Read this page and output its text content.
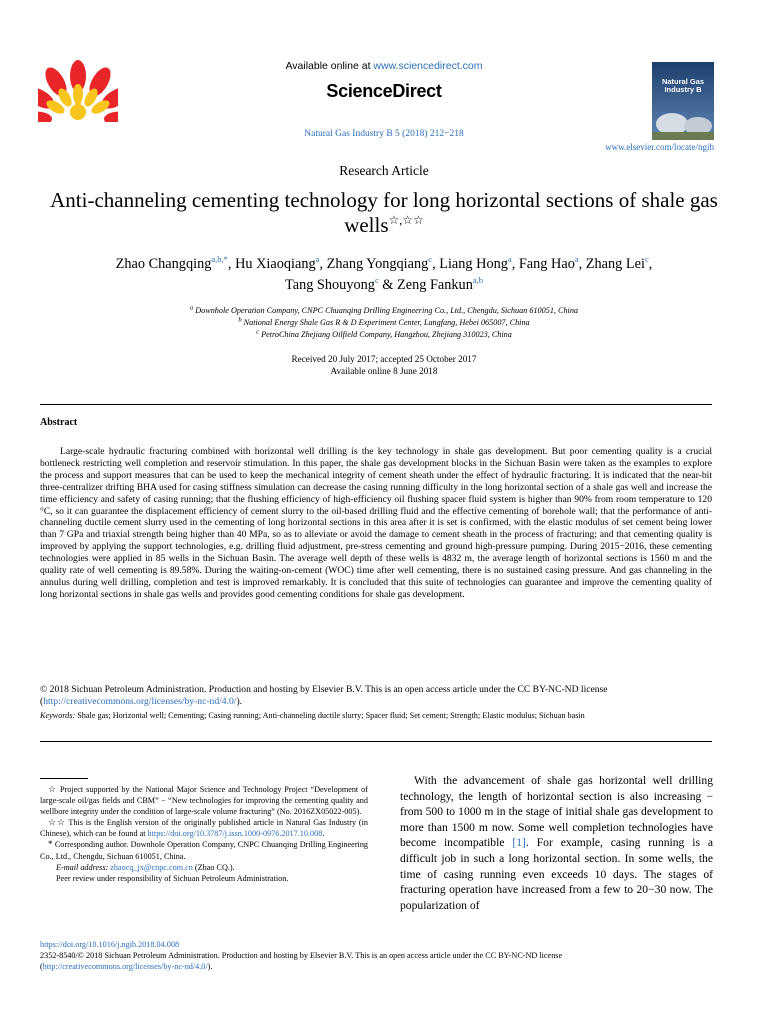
Available online at www.sciencedirect.com
ScienceDirect
Natural Gas Industry B 5 (2018) 212−218
Natural Gas Industry B
www.elsevier.com/locate/ngib
Research Article
Anti-channeling cementing technology for long horizontal sections of shale gas wells☆,☆☆
Zhao Changqing$^{a,b,*}$, Hu Xiaoqiang$^a$, Zhang Yongqiang$^c$, Liang Hong$^a$, Fang Hao$^a$, Zhang Lei$^c$,
Tang Shouyong$^c$ & Zeng Fankun$^{a,b}$
$^a$ Downhole Operation Company, CNPC Chuanqing Drilling Engineering Co., Ltd., Chengdu, Sichuan 610051, China
$^b$ National Energy Shale Gas R & D Experiment Center, Langfang, Hebei 065007, China
$^c$ PetroChina Zhejiang Oilfield Company, Hangzhou, Zhejiang 310023, China
Received 20 July 2017; accepted 25 October 2017
Available online 8 June 2018
Abstract
Large-scale hydraulic fracturing combined with horizontal well drilling is the key technology in shale gas development. But poor cementing quality is a crucial bottleneck restricting well completion and reservoir stimulation. In this paper, the shale gas development blocks in the Sichuan Basin were taken as the examples to explore the process and support measures that can be used to keep the mechanical integrity of cement sheath under the effect of hydraulic fracturing. It is indicated that the near-bit three-centralizer drifting BHA used for casing stiffness simulation can decrease the casing running difficulty in the long horizontal section of a shale gas well and increase the time efficiency and safety of casing running; that the flushing efficiency of high-efficiency oil flushing spacer fluid system is higher than 90% from room temperature to 120 °C, so it can guarantee the displacement efficiency of cement slurry to the oil-based drilling fluid and the effective cementing of borehole wall; that the performance of anti-channeling ductile cement slurry used in the cementing of long horizontal sections in this area after it is set is confirmed, with the elastic modulus of set cement being lower than 7 GPa and triaxial strength being higher than 40 MPa, so as to alleviate or avoid the damage to cement sheath in the process of fracturing; and that cementing quality is improved by applying the support technologies, e.g. drilling fluid adjustment, pre-stress cementing and ground high-pressure pumping. During 2015−2016, these cementing technologies were applied in 85 wells in the Sichuan Basin. The average well depth of these wells is 4832 m, the average length of horizontal sections is 1560 m and the quality rate of well cementing is 89.58%. During the waiting-on-cement (WOC) time after well cementing, there is no sustained casing pressure. And gas channeling in the annulus during well drilling, completion and test is improved remarkably. It is concluded that this suite of technologies can guarantee and improve the cementing quality of long horizontal sections in shale gas wells and provides good cementing conditions for shale gas development.
© 2018 Sichuan Petroleum Administration. Production and hosting by Elsevier B.V. This is an open access article under the CC BY-NC-ND license
(http://creativecommons.org/licenses/by-nc-nd/4.0/).
Keywords: Shale gas; Horizontal well; Cementing; Casing running; Anti-channeling ductile slurry; Spacer fluid; Set cement; Strength; Elastic modulus; Sichuan basin
☆ Project supported by the National Major Science and Technology Project “Development of large-scale oil/gas fields and CBM” − “New technologies for improving the cementing quality and wellbore integrity under the condition of large-scale volume fracturing” (No. 2016ZX05022-005).
☆☆ This is the English version of the originally published article in Natural Gas Industry (in Chinese), which can be found at https://doi.org/10.3787/j.issn.1000-0976.2017.10.008.
* Corresponding author. Downhole Operation Company, CNPC Chuanqing Drilling Engineering Co., Ltd., Chengdu, Sichuan 610051, China.
E-mail address: zhaocq_jx@cnpc.com.cn (Zhao CQ.).
Peer review under responsibility of Sichuan Petroleum Administration.
With the advancement of shale gas horizontal well drilling technology, the length of horizontal section is also increasing − from 500 to 1000 m in the stage of initial shale gas development to more than 1500 m now. Some well completion technologies have become incompatible [1]. For example, casing running is a difficult job in such a long horizontal section. In some wells, the time of casing running even exceeds 10 days. The stages of fracturing operation have increased from a few to 20−30 now. The popularization of
https://doi.org/10.1016/j.ngib.2018.04.008
2352-8540/© 2018 Sichuan Petroleum Administration. Production and hosting by Elsevier B.V. This is an open access article under the CC BY-NC-ND license
(http://creativecommons.org/licenses/by-nc-nd/4.0/).
